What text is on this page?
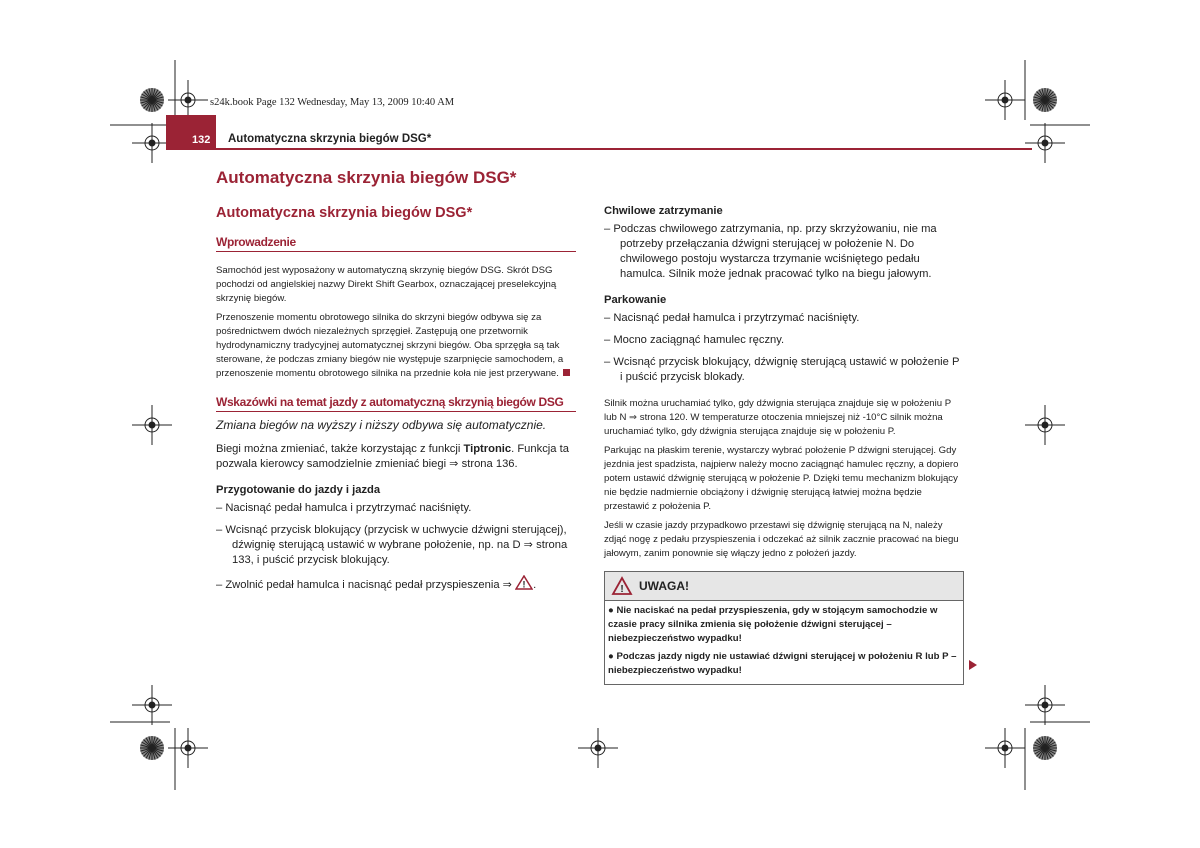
s24k.book Page 132 Wednesday, May 13, 2009 10:40 AM
132 Automatyczna skrzynia biegów DSG*
Automatyczna skrzynia biegów DSG*
Automatyczna skrzynia biegów DSG*
Wprowadzenie

Samochód jest wyposażony w automatyczną skrzynię biegów DSG. Skrót DSG pochodzi od angielskiej nazwy Direkt Shift Gearbox, oznaczającej preselekcyjną skrzynię biegów.

Przenoszenie momentu obrotowego silnika do skrzyni biegów odbywa się za pośrednictwem dwóch niezależnych sprzęgieł. Zastępują one przetwornik hydrodynamiczny tradycyjnej automatycznej skrzyni biegów. Oba sprzęgła są tak sterowane, że podczas zmiany biegów nie występuje szarpnięcie samochodem, a przenoszenie momentu obrotowego silnika na przednie koła nie jest przerywane.

Wskazówki na temat jazdy z automatyczną skrzynią biegów DSG

Zmiana biegów na wyższy i niższy odbywa się automatycznie.

Biegi można zmieniać, także korzystając z funkcji Tiptronic. Funkcja ta pozwala kierowcy samodzielnie zmieniać biegi ⇒ strona 136.

Przygotowanie do jazdy i jazda

– Nacisnąć pedał hamulca i przytrzymać naciśnięty.

– Wcisnąć przycisk blokujący (przycisk w uchwycie dźwigni sterującej), dźwignię sterującą ustawić w wybrane położenie, np. na D ⇒ strona 133, i puścić przycisk blokujący.

– Zwolnić pedał hamulca i nacisnąć pedał przyspieszenia ⇒ ! .

Chwilowe zatrzymanie

– Podczas chwilowego zatrzymania, np. przy skrzyżowaniu, nie ma potrzeby przełączania dźwigni sterującej w położenie N. Do chwilowego postoju wystarcza trzymanie wciśniętego pedału hamulca. Silnik może jednak pracować tylko na biegu jałowym.

Parkowanie

– Nacisnąć pedał hamulca i przytrzymać naciśnięty.

– Mocno zaciągnąć hamulec ręczny.

– Wcisnąć przycisk blokujący, dźwignię sterującą ustawić w położenie P i puścić przycisk blokady.

Silnik można uruchamiać tylko, gdy dźwignia sterująca znajduje się w położeniu P lub N ⇒ strona 120. W temperaturze otoczenia mniejszej niż -10°C silnik można uruchamiać tylko, gdy dźwignia sterująca znajduje się w położeniu P.

Parkując na płaskim terenie, wystarczy wybrać położenie P dźwigni sterującej. Gdy jezdnia jest spadzista, najpierw należy mocno zaciągnąć hamulec ręczny, a dopiero potem ustawić dźwignię sterującą w położenie P. Dzięki temu mechanizm blokujący nie będzie nadmiernie obciążony i dźwignię sterującą łatwiej można będzie przestawić z położenia P.

Jeśli w czasie jazdy przypadkowo przestawi się dźwignię sterującą na N, należy zdjąć nogę z pedału przyspieszenia i odczekać aż silnik zacznie pracować na biegu jałowym, zanim ponownie się włączy jedno z położeń jazdy.

! UWAGA!

● Nie naciskać na pedał przyspieszenia, gdy w stojącym samochodzie w czasie pracy silnika zmienia się położenie dźwigni sterującej – niebezpieczeństwo wypadku!

● Podczas jazdy nigdy nie ustawiać dźwigni sterującej w położeniu R lub P – niebezpieczeństwo wypadku!
